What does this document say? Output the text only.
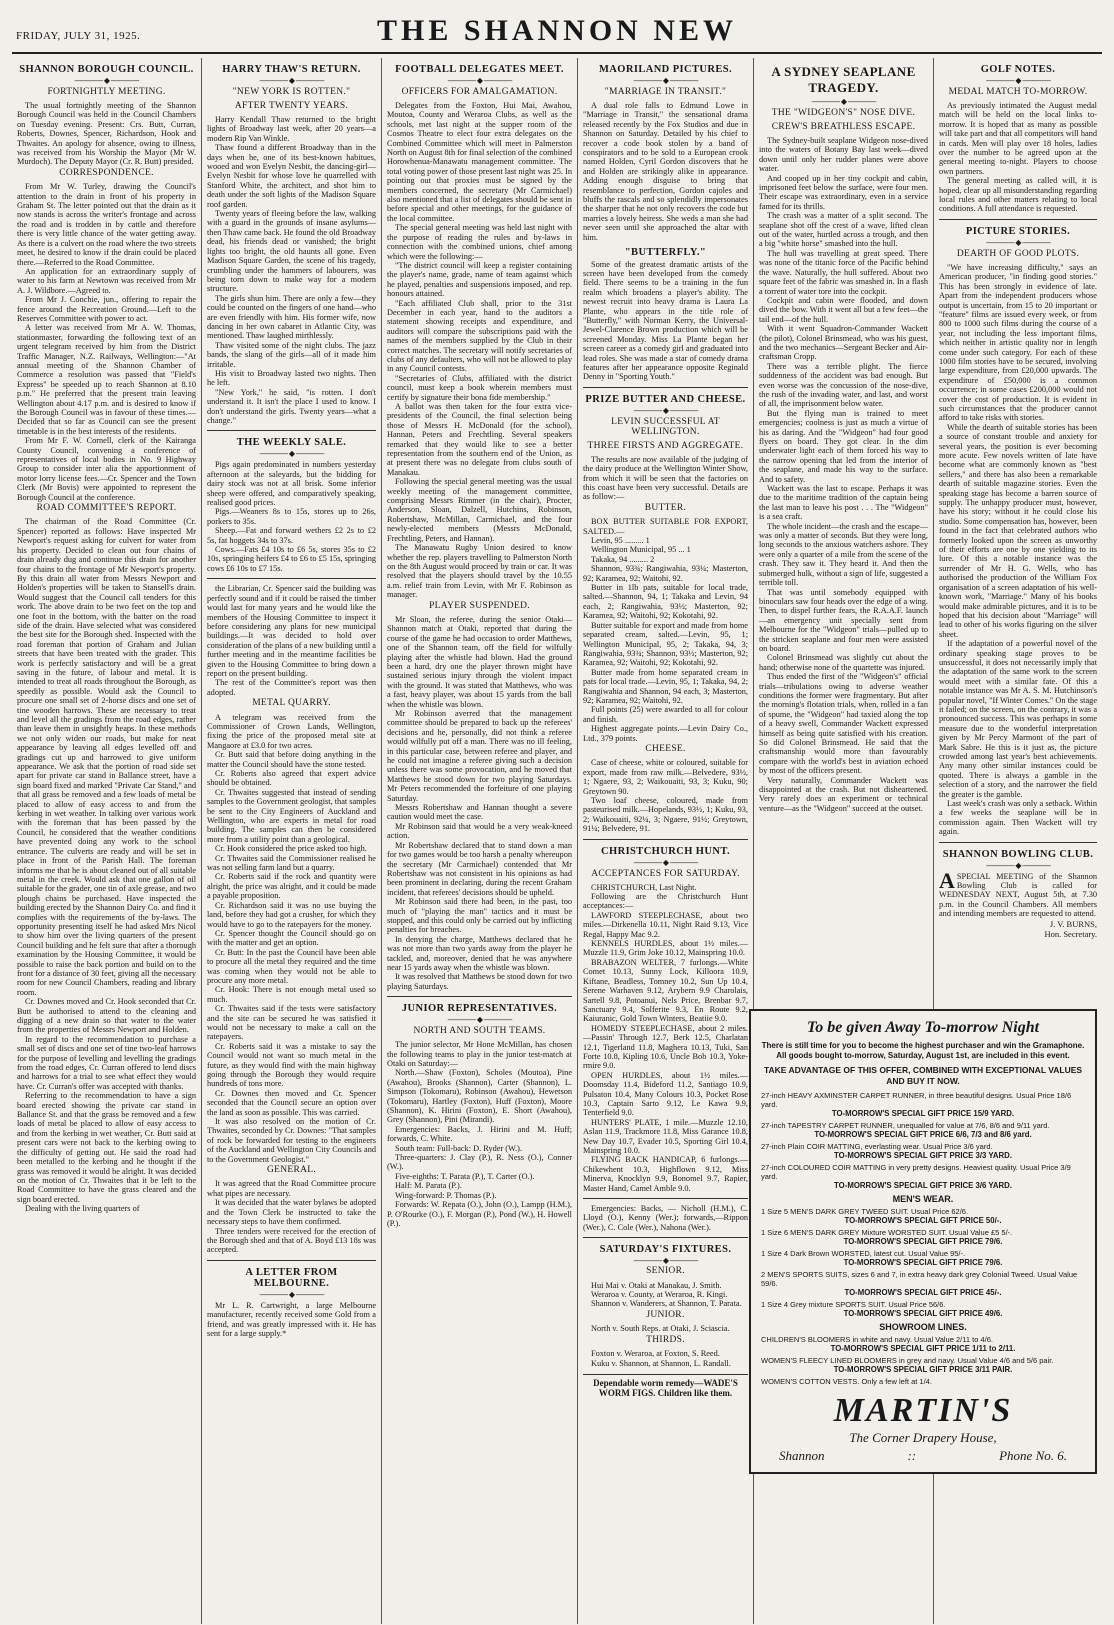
FRIDAY, JULY 31, 1925.	THE SHANNON NEW
SHANNON BOROUGH COUNCIL.
———— ◆ ————
FORTNIGHTLY MEETING.

The usual fortnightly meeting of the Shannon Borough Council was held in the Council Chambers on Tuesday evening. Present: Crs. Butt, Curran, Roberts, Downes, Spencer, Richardson, Hook and Thwaites. An apology for absence, owing to illness, was received from his Worship the Mayor (Mr W. Murdoch). The Deputy Mayor (Cr. R. Butt) presided.

CORRESPONDENCE.

From Mr W. Turley, drawing the Council's attention to the drain in front of his property in Graham St. The letter pointed out that the drain as it now stands is across the writer's frontage and across the road and is trodden in by cattle and therefore there is very little chance of the water getting away. As there is a culvert on the road where the two streets meet, he desired to know if the drain could be placed there.—Referred to the Road Committee.

An application for an extraordinary supply of water to his farm at Newtown was received from Mr A. J. Wildbore.—Agreed to.

From Mr J. Conchie, jun., offering to repair the fence around the Recreation Ground.—Left to the Reserves Committee with power to act.

A letter was received from Mr A. W. Thomas, stationmaster, forwarding the following text of an urgent telegram received by him from the District Traffic Manager, N.Z. Railways, Wellington:—"At annual meeting of the Shannon Chamber of Commerce a resolution was passed that "Field's Express" be speeded up to reach Shannon at 8.10 p.m." He preferred that the present train leaving Wellington about 4.17 p.m. and is desired to know if the Borough Council was in favour of these times.—Decided that so far as Council can see the present timetable is in the best interests of the residents.

From Mr F. W. Cornell, clerk of the Kairanga County Council, convening a conference of representatives of local bodies in No. 9 Highway Group to consider inter alia the apportionment of motor lorry license fees.—Cr. Spencer and the Town Clerk (Mr Bovis) were appointed to represent the Borough Council at the conference.

ROAD COMMITTEE'S REPORT.

The chairman of the Road Committee (Cr. Spencer) reported as follows: Have inspected Mr Newport's request asking for culvert for water from his property. Decided to clean out four chains of drain already dug and continue this drain for another four chains to the frontage of Mr Newport's property. By this drain all water from Messrs Newport and Holden's properties will be taken to Stansell's drain. Would suggest that the Council call tenders for this work. The above drain to be two feet on the top and one foot in the bottom, with the batter on the road side of the drain. Have selected what was considered the best site for the Borough shed. Inspected with the road foreman that portion of Graham and Julian streets that have been treated with the grader. This work is perfectly satisfactory and will be a great saving in the future, of labour and metal. It is intended to treat all roads throughout the Borough, as speedily as possible. Would ask the Council to procure one small set of 2-horse discs and one set of tine wooden harrows. These are necessary to treat and level all the gradings from the road edges, rather than leave them in unsightly heaps. In these methods we not only widen our roads, but make for neat appearance by leaving all edges levelled off and gradings cut up and harrowed to give uniform appearance. We ask that the portion of road side set apart for private car stand in Ballance street, have a sign board fixed and marked "Private Car Stand," and that all grass be removed and a few loads of metal be placed to allow of easy access to and from the kerbing in wet weather. In talking over various work with the foreman that has been passed by the Council, he considered that the weather conditions have prevented doing any work to the school entrance. The culverts are ready and will be set in place in front of the Parish Hall. The foreman informs me that he is about cleaned out of all suitable metal in the creek. Would ask that one gallon of oil suitable for the grader, one tin of axle grease, and two plough chains be purchased. Have inspected the building erected by the Shannon Dairy Co. and find it complies with the requirements of the by-laws. The opportunity presenting itself he had asked Mrs Nicol to show him over the living quarters of the present Council building and he felt sure that after a thorough examination by the Housing Committee, it would be possible to raise the back portion and build on to the front for a distance of 30 feet, giving all the necessary room for new Council Chambers, reading and library room.

Cr. Downes moved and Cr. Hook seconded that Cr. Butt be authorised to attend to the cleaning and digging of a new drain so that water to the water from the properties of Messrs Newport and Holden.

In regard to the recommendation to purchase a small set of discs and one set of tine two-leaf harrows for the purpose of levelling and levelling the gradings from the road edges, Cr. Curran offered to lend discs and harrows for a trial to see what effect they would have. Cr. Curran's offer was accepted with thanks.

Referring to the recommendation to have a sign board erected showing the private car stand in Ballance St. and that the grass be removed and a few loads of metal be placed to allow of easy access to and from the kerbing in wet weather, Cr. Butt said at present cars were not back to the kerbing owing to the difficulty of getting out. He said the road had been metalled to the kerbing and he thought if the grass was removed it would be alright. It was decided on the motion of Cr. Thwaites that it be left to the Road Committee to have the grass cleared and the sign board erected.

Dealing with the living quarters of

HARRY THAW'S RETURN.
———— ◆ ————
"NEW YORK IS ROTTEN."
AFTER TWENTY YEARS.

Harry Kendall Thaw returned to the bright lights of Broadway last week, after 20 years—a modern Rip Van Winkle.

Thaw found a different Broadway than in the days when he, one of its best-known habitues, wooed and won Evelyn Nesbit, the dancing-girl—Evelyn Nesbit for whose love he quarrelled with Stanford White, the architect, and shot him to death under the soft lights of the Madison Square roof garden.

Twenty years of fleeing before the law, walking with a guard in the grounds of insane asylums—then Thaw came back. He found the old Broadway dead, his friends dead or vanished; the bright lights too bright, the old haunts all gone. Even Madison Square Garden, the scene of his tragedy, crumbling under the hammers of labourers, was being torn down to make way for a modern structure.

The girls shun him. There are only a few—they could be counted on the fingers of one hand—who are even friendly with him. His former wife, now dancing in her own cabaret in Atlantic City, was mentioned. Thaw laughed mirthlessly.

Thaw visited some of the night clubs. The jazz bands, the slang of the girls—all of it made him irritable.

His visit to Broadway lasted two nights. Then he left.

"New York," he said, "is rotten. I don't understand it. It isn't the place I used to know. I don't understand the girls. Twenty years—what a change."

THE WEEKLY SALE.
———— ◆ ————

Pigs again predominated in numbers yesterday afternoon at the saleyards, but the bidding for dairy stock was not at all brisk. Some inferior sheep were offered, and comparatively speaking, realised good prices.

Pigs.—Weaners 8s to 15s, stores up to 26s, porkers to 35s.

Sheep.—Fat and forward wethers £2 2s to £2 5s, fat hoggets 34s to 37s.

Cows.—Fats £4 10s to £6 5s, stores 35s to £2 10s, springing heifers £4 to £6 to £5 15s, springing cows £6 10s to £7 15s.

the Librarian, Cr. Spencer said the building was perfectly sound and if it could be raised the timber would last for many years and he would like the members of the Housing Committee to inspect it before considering any plans for new municipal buildings.—It was decided to hold over consideration of the plans of a new building until a further meeting and in the meantime facilities be given to the Housing Committee to bring down a report on the present building.

The rest of the Committee's report was then adopted.

METAL QUARRY.

A telegram was received from the Commissioner of Crown Lands, Wellington, fixing the price of the proposed metal site at Mangaore at £3.0 for two acres.

Cr. Butt said that before doing anything in the matter the Council should have the stone tested.

Cr. Roberts also agreed that expert advice should be obtained.

Cr. Thwaites suggested that instead of sending samples to the Government geologist, that samples be sent to the City Engineers of Auckland and Wellington, who are experts in metal for road building. The samples can then be considered more from a utility point than a geological.

Cr. Hook considered the price asked too high.

Cr. Thwaites said the Commissioner realised he was not selling farm land but a quarry.

Cr. Roberts said if the rock and quantity were alright, the price was alright, and it could be made a payable proposition.

Cr. Richardson said it was no use buying the land, before they had got a crusher, for which they would have to go to the ratepayers for the money.

Cr. Spencer thought the Council should go on with the matter and get an option.

Cr. Butt: In the past the Council have been able to procure all the metal they required and the time was coming when they would not be able to procure any more metal.

Cr. Hook: There is not enough metal used so much.

Cr. Thwaites said if the tests were satisfactory and the site can be secured he was satisfied it would not be necessary to make a call on the ratepayers.

Cr. Roberts said it was a mistake to say the Council would not want so much metal in the future, as they would find with the main highway going through the Borough they would require hundreds of tons more.

Cr. Downes then moved and Cr. Spencer seconded that the Council secure an option over the land as soon as possible. This was carried.

It was also resolved on the motion of Cr. Thwaites, seconded by Cr. Downes: "That samples of rock be forwarded for testing to the engineers of the Auckland and Wellington City Councils and to the Government Geologist."

GENERAL.

It was agreed that the Road Committee procure what pipes are necessary.

It was decided that the water bylaws be adopted and the Town Clerk be instructed to take the necessary steps to have them confirmed.

Three tenders were received for the erection of the Borough shed and that of A. Boyd £13 18s was accepted.

A LETTER FROM MELBOURNE.
———— ◆ ————

Mr L. R. Cartwright, a large Melbourne manufacturer, recently received some Gold from a friend, and was greatly impressed with it. He has sent for a large supply.*

FOOTBALL DELEGATES MEET.
———— ◆ ————
OFFICERS FOR AMALGAMATION.

Delegates from the Foxton, Hui Mai, Awahou, Moutoa, County and Weraroa Clubs, as well as the schools, met last night at the supper room of the Cosmos Theatre to elect four extra delegates on the Combined Committee which will meet in Palmerston North on August 8th for final selection of the combined Horowhenua-Manawatu management committee. The total voting power of those present last night was 25. In pointing out that proxies must be signed by the members concerned, the secretary (Mr Carmichael) also mentioned that a list of delegates should be sent in before special and other meetings, for the guidance of the local committee.

The special general meeting was held last night with the purpose of reading the rules and by-laws in connection with the combined unions, chief among which were the following:—

"The district council will keep a register containing the player's name, grade, name of team against which he played, penalties and suspensions imposed, and rep. honours attained.

"Each affiliated Club shall, prior to the 31st December in each year, hand to the auditors a statement showing receipts and expenditure, and auditors will compare the subscriptions paid with the names of the members supplied by the Club in their correct matches. The secretary will notify secretaries of clubs of any defaulters, who will not be allowed to play in any Council contests.

"Secretaries of Clubs, affiliated with the district council, must keep a book wherein members must certify by signature their bona fide membership."

A ballot was then taken for the four extra vice-presidents of the Council, the final selection being those of Messrs H. McDonald (for the school), Hannan, Peters and Frechtling. Several speakers remarked that they would like to see a better representation from the southern end of the Union, as at present there was no delegate from clubs south of Manakau.

Following the special general meeting was the usual weekly meeting of the management committee, comprising Messrs Rimmer (in the chair), Procter, Anderson, Sloan, Dalzell, Hutchins, Robinson, Robertshaw, McMillan, Carmichael, and the four newly-elected members (Messrs McDonald, Frechtling, Peters, and Hannan).

The Manawatu Rugby Union desired to know whether the rep. players travelling to Palmerston North on the 8th August would proceed by train or car. It was resolved that the players should travel by the 10.55 a.m. relief train from Levin, with Mr F. Robinson as manager.

PLAYER SUSPENDED.

Mr Sloan, the referee, during the senior Otaki—Shannon match at Otaki, reported that during the course of the game he had occasion to order Matthews, one of the Shannon team, off the field for wilfully playing after the whistle had blown. Had the ground been a hard, dry one the player thrown might have sustained serious injury through the violent impact with the ground. It was stated that Matthews, who was a fast, heavy player, was about 15 yards from the ball when the whistle was blown.

Mr Robinson averred that the management committee should be prepared to back up the referees' decisions and he, personally, did not think a referee would wilfully put off a man. There was no ill feeling, in this particular case, between referee and player, and he could not imagine a referee giving such a decision unless there was some provocation, and he moved that Matthews be stood down for two playing Saturdays. Mr Peters recommended the forfeiture of one playing Saturday.

Messrs Robertshaw and Hannan thought a severe caution would meet the case.

Mr Robinson said that would be a very weak-kneed action.

Mr Robertshaw declared that to stand down a man for two games would be too harsh a penalty whereupon the secretary (Mr Carmichael) contended that Mr Robertshaw was not consistent in his opinions as had been prominent in declaring, during the recent Graham incident, that referees' decisions should be upheld.

Mr Robinson said there had been, in the past, too much of "playing the man" tactics and it must be stopped, and this could only be carried out by inflicting penalties for breaches.

In denying the charge, Matthews declared that he was not more than two yards away from the player he tackled, and, moreover, denied that he was anywhere near 15 yards away when the whistle was blown.

It was resolved that Matthews be stood down for two playing Saturdays.

JUNIOR REPRESENTATIVES.
———— ◆ ————
NORTH AND SOUTH TEAMS.

The junior selector, Mr Hone McMillan, has chosen the following teams to play in the junior test-match at Otaki on Saturday:—

North.—Shaw (Foxton), Scholes (Moutoa), Pine (Awahou), Brooks (Shannon), Carter (Shannon), L. Simpson (Tokomaru), Robinson (Awahou), Hewetson (Tokomaru), Hartley (Foxton), Huff (Foxton), Moore (Shannon), K. Hirini (Foxton), E. Short (Awahou), Grey (Shannon), Pini (Mirandi).

Emergencies: Backs, J. Hirini and M. Huff; forwards, C. White.

South team: Full-back: D. Ryder (W.).

Three-quarters: J. Clay (P.), R. Ness (O.), Conner (W.).

Five-eighths: T. Parata (P.), T. Carter (O.).

Half: M. Parata (P.).

Wing-forward: P. Thomas (P.).

Forwards: W. Repata (O.), John (O.), Lampp (H.M.), P. O'Rourke (O.), F. Morgan (P.), Pond (W.), H. Howell (P.).

MAORILAND PICTURES.
———— ◆ ————
"MARRIAGE IN TRANSIT."

A dual role falls to Edmund Lowe in "Marriage in Transit," the sensational drama released recently by the Fox Studios and due in Shannon on Saturday. Detailed by his chief to recover a code book stolen by a band of conspirators and to be sold to a European crook named Holden, Cyril Gordon discovers that he and Holden are strikingly alike in appearance. Adding enough disguise to bring that resemblance to perfection, Gordon cajoles and bluffs the rascals and so splendidly impersonates the sharper that he not only recovers the code but marries a lovely heiress. She weds a man she had never seen until she approached the altar with him.

"BUTTERFLY."

Some of the greatest dramatic artists of the screen have been developed from the comedy field. There seems to be a training in the fun realm which broadens a player's ability. The newest recruit into heavy drama is Laura La Plante, who appears in the title role of "Butterfly," with Norman Kerry, the Universal-Jewel-Clarence Brown production which will be screened Monday. Miss La Plante began her screen career as a comedy girl and graduated into lead roles. She was made a star of comedy drama features after her appearance opposite Reginald Denny in "Sporting Youth."

PRIZE BUTTER AND CHEESE.
———— ◆ ————
LEVIN SUCCESSFUL AT WELLINGTON.
THREE FIRSTS AND AGGREGATE.

The results are now available of the judging of the dairy produce at the Wellington Winter Show, from which it will be seen that the factories on this coast have been very successful. Details are as follow:—

BUTTER.

BOX BUTTER SUITABLE FOR EXPORT, SALTED.—

Levin, 95 ......... 1

Wellington Municipal, 95 ... 1

Takaka, 94 ......... 2

Shannon, 93¾; Rangiwahia, 93¼; Masterton, 92; Karamea, 92; Waitohi, 92.

Butter in 1lb pats, suitable for local trade, salted.—Shannon, 94, 1; Takaka and Levin, 94 each, 2; Rangiwahia, 93½; Masterton, 92; Karamea, 92; Waitohi, 92; Kokotahi, 92.

Butter suitable for export and made from home separated cream, salted.—Levin, 95, 1; Wellington Municipal, 95, 2; Takaka, 94, 3; Rangiwahia, 93¾; Shannon, 93½; Masterton, 92; Karamea, 92; Waitohi, 92; Kokotahi, 92.

Butter made from home separated cream in pats for local trade.—Levin, 95, 1; Takaka, 94, 2; Rangiwahia and Shannon, 94 each, 3; Masterton, 92; Karamea, 92; Waitohi, 92.

Full points (25) were awarded to all for colour and finish.

Highest aggregate points.—Levin Dairy Co., Ltd., 379 points.

CHEESE.

Case of cheese, white or coloured, suitable for export, made from raw milk.—Belvedere, 93½, 1; Ngaere, 93, 2; Waikouaiti, 93, 3; Kuku, 90; Greytown 90.

Two loaf cheese, coloured, made from pasteurised milk.—Hopelands, 93½, 1; Kuku, 93, 2; Waikouaiti, 92¼, 3; Ngaere, 91½; Greytown, 91¼; Belvedere, 91.

CHRISTCHURCH HUNT.
———— ◆ ————
ACCEPTANCES FOR SATURDAY.

CHRISTCHURCH, Last Night.

Following are the Christchurch Hunt acceptances:—

LAWFORD STEEPLECHASE, about two miles.—Dirkenella 10.11, Night Raid 9.13, Vice Regal, Happy Mac 9.2.

KENNELS HURDLES, about 1½ miles.—Muzzle 11.9, Grim Joke 10.12, Mainspring 10.0.

BRABAZON WELTER, 7 furlongs.—White Comet 10.13, Sunny Lock, Killoora 10.9, Kiftane, Beadless, Tomney 10.2, Sun Up 10.4, Serene Warhaven 9.12, Arybern 9.9 Charolais, Sartell 9.8, Potoanui, Nels Price, Brenbar 9.7, Sanctuary 9.4, Solferite 9.3, En Route 9.2, Kaiuranic, Gold Town Winters, Beatiie 9.0.

HOMEDY STEEPLECHASE, about 2 miles.—Passin' Through 12.7, Berk 12.5, Charlatan 12.1, Tigerland 11.8, Maghera 10.13, Tuki, San Forte 10.8, Kipling 10.6, Uncle Bob 10.3, Yoke-rmire 9.0.

OPEN HURDLES, about 1½ miles.—Doomsday 11.4, Bideford 11.2, Santiago 10.9, Pulsaton 10.4, Many Colours 10.3, Pocket Rose 10.3, Captain Sarto 9.12, Le Kawa 9.9, Tenterfield 9.0.

HUNTERS' PLATE, 1 mile.—Muzzle 12.10, Aslan 11.9, Trackmore 11.8, Miss Garance 10.8, New Day 10.7, Evader 10.5, Sporting Girl 10.4, Mainspring 10.0.

FLYING BACK HANDICAP, 6 furlongs.—Chikewhent 10.3, Highflown 9.12, Miss Minerva, Knocklyn 9.9, Bonomel 9.7, Rapier, Master Hand, Camel Amble 9.0.

Emergencies: Backs, — Nicholl (H.M.), C. Lloyd (O.), Kenny (Wer.); forwards,—Rippon (Wer.), C. Cole (Wer.), Nahona (Wer.).

SATURDAY'S FIXTURES.
———— ◆ ————
SENIOR.

Hui Mai v. Otaki at Manakau, J. Smith.

Weraroa v. County, at Weraroa, R. Kingi.

Shannon v. Wanderers, at Shannon, T. Parata.

JUNIOR.

North v. South Reps. at Otaki, J. Sciascia.

THIRDS.

Foxton v. Weraroa, at Foxton, S. Reed.

Kuku v. Shannon, at Shannon, L. Randall.

Dependable worm remedy—WADE'S WORM FIGS. Children like them.
A SYDNEY SEAPLANE TRAGEDY.
———— ◆ ————
THE "WIDGEON'S" NOSE DIVE.
CREW'S BREATHLESS ESCAPE.

The Sydney-built seaplane Widgeon nose-dived into the waters of Botany Bay last week—dived down until only her rudder planes were above water.

And cooped up in her tiny cockpit and cabin, imprisoned feet below the surface, were four men. Their escape was extraordinary, even in a service famed for its thrills.

The crash was a matter of a split second. The seaplane shot off the crest of a wave, lifted clean out of the water, hurtled across a trough, and then a big "white horse" smashed into the hull.

The hull was travelling at great speed. There was none of the titanic force of the Pacific behind the wave. Naturally, the hull suffered. About two square feet of the fabric was smashed in. In a flash a torrent of water tore into the cockpit.

Cockpit and cabin were flooded, and down dived the bow. With it went all but a few feet—the tail end—of the hull.

With it went Squadron-Commander Wackett (the pilot), Colonel Brinsmead, who was his guest, and the two mechanics—Sergeant Becker and Air-craftsman Cropp.

There was a terrible plight. The fierce suddenness of the accident was bad enough. But even worse was the concussion of the nose-dive, the rush of the invading water, and last, and worst of all, the imprisonment below water.

But the flying man is trained to meet emergencies; coolness is just as much a virtue of his as daring. And the "Widgeon" had four good flyers on board. They got clear. In the dim underwater light each of them forced his way to the narrow opening that led from the interior of the seaplane, and made his way to the surface. And to safety.

Wackett was the last to escape. Perhaps it was due to the maritime tradition of the captain being the last man to leave his post . . . The "Widgeon" is a sea craft.

The whole incident—the crash and the escape—was only a matter of seconds. But they were long, long seconds to the anxious watchers ashore. They were only a quarter of a mile from the scene of the crash. They saw it. They heard it. And then the submerged hulk, without a sign of life, suggested a terrible toll.

That was until somebody equipped with binoculars saw four heads over the edge of a wing. Then, to dispel further fears, the R.A.A.F. launch—an emergency unit specially sent from Melbourne for the "Widgeon" trials—pulled up to the stricken seaplane and four men were assisted on board.

Colonel Brinsmead was slightly cut about the hand; otherwise none of the quartette was injured.

Thus ended the first of the "Widgeon's" official trials—tribulations owing to adverse weather conditions the former were fragmentary. But after the morning's flotation trials, when, rolled in a fan of spume, the "Widgeon" had taxied along the top of a heavy swell, Commander Wackett expressed himself as being quite satisfied with his creation. So did Colonel Brinsmead. He said that the craftsmanship would more than favourably compare with the world's best in aviation echoed by most of the officers present.

Very naturally, Commander Wackett was disappointed at the crash. But not disheartened. Very rarely does an experiment or technical venture—as the "Widgeon" succeed at the outset.

GOLF NOTES.
———— ◆ ————
MEDAL MATCH TO-MORROW.

As previously intimated the August medal match will be held on the local links to-morrow. It is hoped that as many as possible will take part and that all competitors will hand in cards. Men will play over 18 holes, ladies over the number to be agreed upon at the general meeting to-night. Players to choose own partners.

The general meeting as called will, it is hoped, clear up all misunderstanding regarding local rules and other matters relating to local conditions. A full attendance is requested.

PICTURE STORIES.
———— ◆ ————
DEARTH OF GOOD PLOTS.

"We have increasing difficulty," says an American producer, "in finding good stories." This has been strongly in evidence of late. Apart from the independent producers whose output is uncertain, from 15 to 20 important or "feature" films are issued every week, or from 800 to 1000 such films during the course of a year, not including the less important films, which neither in artistic quality nor in length come under such category. For each of these 1000 film stories have to be secured, involving large expenditure, from £20,000 upwards. The expenditure of £50,000 is a common occurrence; in some cases £200,000 would not cover the cost of production. It is evident in such circumstances that the producer cannot afford to take risks with stories.

While the dearth of suitable stories has been a source of constant trouble and anxiety for several years, the position is ever becoming more acute. Few novels written of late have become what are commonly known as "best sellers," and there has also been a remarkable dearth of suitable magazine stories. Even the speaking stage has become a barren source of supply. The unhappy producer must, however, have his story; without it he could close his studio. Some compensation has, however, been found in the fact that celebrated authors who formerly looked upon the screen as unworthy of their efforts are one by one yielding to its lure. Of this a notable instance was the surrender of Mr H. G. Wells, who has authorised the production of the William Fox organisation of a screen adaptation of his well-known work, "Marriage." Many of his books would make admirable pictures, and it is to be hoped that his decision about "Marriage" will lead to other of his works figuring on the silver sheet.

If the adaptation of a powerful novel of the ordinary speaking stage proves to be unsuccessful, it does not necessarily imply that the adaptation of the same work to the screen would meet with a similar fate. Of this a notable instance was Mr A. S. M. Hutchinson's popular novel, "If Winter Comes." On the stage it failed; on the screen, on the contrary, it was a pronounced success. This was perhaps in some measure due to the wonderful interpretation given by Mr Percy Marmont of the part of Mark Sabre. He this is it just as, the picture crowded among last year's best achievements. Any many other similar instances could be quoted. There is always a gamble in the selection of a story, and the narrower the field the greater is the gamble.

Last week's crash was only a setback. Within a few weeks the seaplane will be in commission again. Then Wackett will try again.

SHANNON BOWLING CLUB.
———— ◆ ————

ASPECIAL MEETING of the Shannon Bowling Club is called for WEDNESDAY NEXT, August 5th, at 7.30 p.m. in the Council Chambers. All members and intending members are requested to attend.

J. V. BURNS,
Hon. Secretary.
To be given Away To-morrow Night
There is still time for you to become the highest purchaser and win the Gramaphone. All goods bought to-morrow, Saturday, August 1st, are included in this event.
TAKE ADVANTAGE OF THIS OFFER, COMBINED WITH EXCEPTIONAL VALUES AND BUY IT NOW.
27-inch HEAVY AXMINSTER CARPET RUNNER, in three beautiful designs. Usual Price 18/6 yard.
TO-MORROW'S SPECIAL GIFT PRICE 15/9 YARD.
27-inch TAPESTRY CARPET RUNNER, unequalled for value at 7/6, 8/6 and 9/11 yard.
TO-MORROW'S SPECIAL GIFT PRICE 6/6, 7/3 and 8/6 yard.
27-inch Plain COIR MATTING, everlasting wear. Usual Price 3/6 yard.
TO-MORROW'S SPECIAL GIFT PRICE 3/3 YARD.
27-inch COLOURED COIR MATTING in very pretty designs. Heaviest quality. Usual Price 3/9 yard.
TO-MORROW'S SPECIAL GIFT PRICE 3/6 YARD.
MEN'S WEAR.
1 Size 5 MEN'S DARK GREY TWEED SUIT. Usual Price 62/6.
TO-MORROW'S SPECIAL GIFT PRICE 50/-.
1 Size 6 MEN'S DARK GREY Mixture WORSTED SUIT. Usual Value £5 5/-.
TO-MORROW'S SPECIAL GIFT PRICE 79/6.
1 Size 4 Dark Brown WORSTED, latest cut. Usual Value 95/-.
TO-MORROW'S SPECIAL GIFT PRICE 79/6.
2 MEN'S SPORTS SUITS, sizes 6 and 7, in extra heavy dark grey Colonial Tweed. Usual Value 59/6.
TO-MORROW'S SPECIAL GIFT PRICE 45/-.
1 Size 4 Grey mixture SPORTS SUIT. Usual Price 56/6.
TO-MORROW'S SPECIAL GIFT PRICE 49/6.
SHOWROOM LINES.
CHILDREN'S BLOOMERS in white and navy. Usual Value 2/11 to 4/6.
TO-MORROW'S SPECIAL GIFT PRICE 1/11 to 2/11.
WOMEN'S FLEECY LINED BLOOMERS in grey and navy. Usual Value 4/6 and 5/6 pair.
TO-MORROW'S SPECIAL GIFT PRICE 3/11 PAIR.
WOMEN'S COTTON VESTS. Only a few left at 1/4.
MARTIN'S
The Corner Drapery House,
Shannon	::	Phone No. 6.
